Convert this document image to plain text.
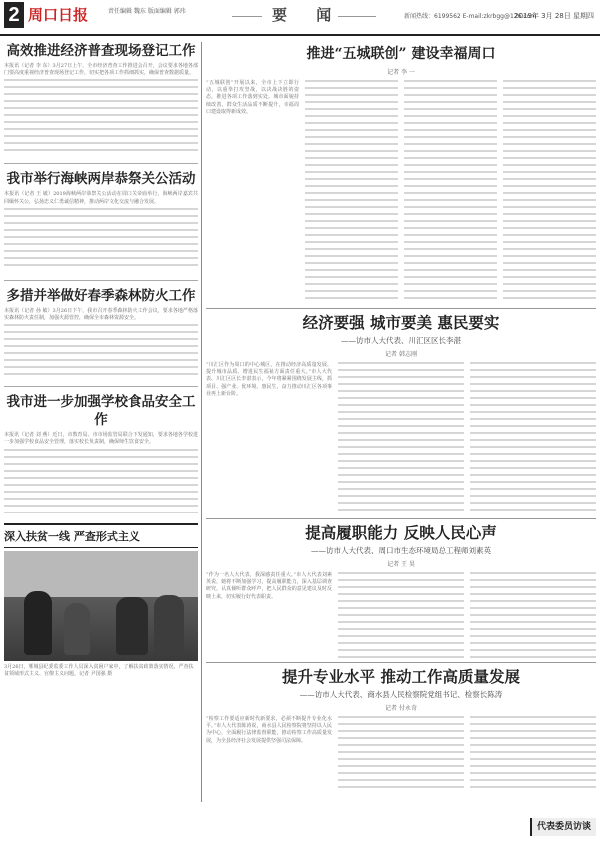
2 周口日报	责任编辑 魏东 版面编辑 郭玮	要 闻	新闻热线：6199562 E-mail:zkrbgg@126.com
2019年 3月 28日 星期四
高效推进经济普查现场登记工作
本报讯（记者 李 东）3月27日上午，全市经济普查工作推进会召开，会议要求各地各部门要高度重视经济普查现场登记工作，切实把各项工作抓细抓实，确保普查数据质量。
我市举行海峡两岸恭祭关公活动
本报讯（记者 王 敏）2019海峡两岸恭祭关公活动在周口关帝庙举行，海峡两岸嘉宾共同缅怀关公，弘扬忠义仁勇诚信精神，推动两岸文化交流与融合发展。
多措并举做好春季森林防火工作
本报讯（记者 孙 敏）3月26日下午，我市召开春季森林防火工作会议，要求各地严格落实森林防火责任制，加强火源管控，确保全市森林资源安全。
我市进一步加强学校食品安全工作
本报讯（记者 刘 燕）近日，市教育局、市市场监管局联合下发通知，要求各地各学校进一步加强学校食品安全管理，落实校长负责制，确保师生饮食安全。
深入扶贫一线 严查形式主义
3月26日，郸城县纪委监委工作人员深入贫困户家中，了解扶贫政策落实情况，严查扶贫领域形式主义、官僚主义问题。记者 尹国强 摄
推进“五城联创” 建设幸福周口
记者 李 一
“五城联创”开展以来，全市上下立即行动，以重拳打攻坚战，以决战决胜的姿态，推进各项工作落到实处。城市面貌持续改善，群众生活品质不断提升，幸福周口建设取得新成效。
经济要强 城市要美 惠民要实
——访市人大代表、川汇区区长李湛
记者 韩志刚
“川汇区作为周口的中心城区，在推动经济高质量发展、提升城市品质、增进民生福祉方面责任重大。”市人大代表、川汇区区长李湛表示，今年将紧紧围绕发展主线，抓项目、强产业、优环境、惠民生，奋力推动川汇区各项事业再上新台阶。
提高履职能力 反映人民心声
——访市人大代表、周口市生态环境局总工程师刘素英
记者 王 昊
“作为一名人大代表，我深感责任重大。”市人大代表刘素英说，她将不断加强学习，提高履职能力，深入基层调查研究，认真倾听群众呼声，把人民群众的意见建议及时反映上来，切实履行好代表职责。
提升专业水平 推动工作高质量发展
——访市人大代表、商水县人民检察院党组书记、检察长陈涛
记者 付永奇
“检察工作要适应新时代新要求，必须不断提升专业化水平。”市人大代表陈涛说，商水县人民检察院将坚持以人民为中心，全面履行法律监督职能，推动检察工作高质量发展，为全县经济社会发展提供坚强司法保障。
代表委员访谈
